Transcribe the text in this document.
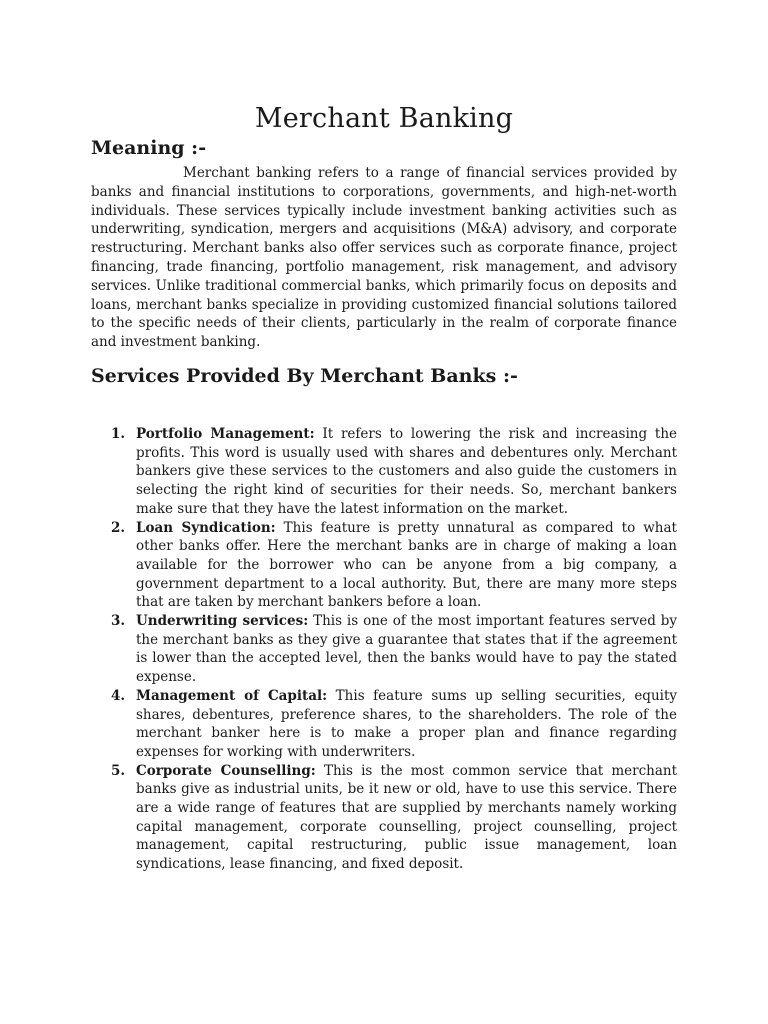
Merchant Banking
Meaning :-

Merchant banking refers to a range of financial services provided by banks and financial institutions to corporations, governments, and high-net-worth individuals. These services typically include investment banking activities such as underwriting, syndication, mergers and acquisitions (M&A) advisory, and corporate restructuring. Merchant banks also offer services such as corporate finance, project financing, trade financing, portfolio management, risk management, and advisory services. Unlike traditional commercial banks, which primarily focus on deposits and loans, merchant banks specialize in providing customized financial solutions tailored to the specific needs of their clients, particularly in the realm of corporate finance and investment banking.

Services Provided By Merchant Banks :-
1. Portfolio Management: It refers to lowering the risk and increasing the profits. This word is usually used with shares and debentures only. Merchant bankers give these services to the customers and also guide the customers in selecting the right kind of securities for their needs. So, merchant bankers make sure that they have the latest information on the market.
2. Loan Syndication: This feature is pretty unnatural as compared to what other banks offer. Here the merchant banks are in charge of making a loan available for the borrower who can be anyone from a big company, a government department to a local authority. But, there are many more steps that are taken by merchant bankers before a loan.
3. Underwriting services: This is one of the most important features served by the merchant banks as they give a guarantee that states that if the agreement is lower than the accepted level, then the banks would have to pay the stated expense.
4. Management of Capital: This feature sums up selling securities, equity shares, debentures, preference shares, to the shareholders. The role of the merchant banker here is to make a proper plan and finance regarding expenses for working with underwriters.
5. Corporate Counselling: This is the most common service that merchant banks give as industrial units, be it new or old, have to use this service. There are a wide range of features that are supplied by merchants namely working capital management, corporate counselling, project counselling, project management, capital restructuring, public issue management, loan syndications, lease financing, and fixed deposit.
